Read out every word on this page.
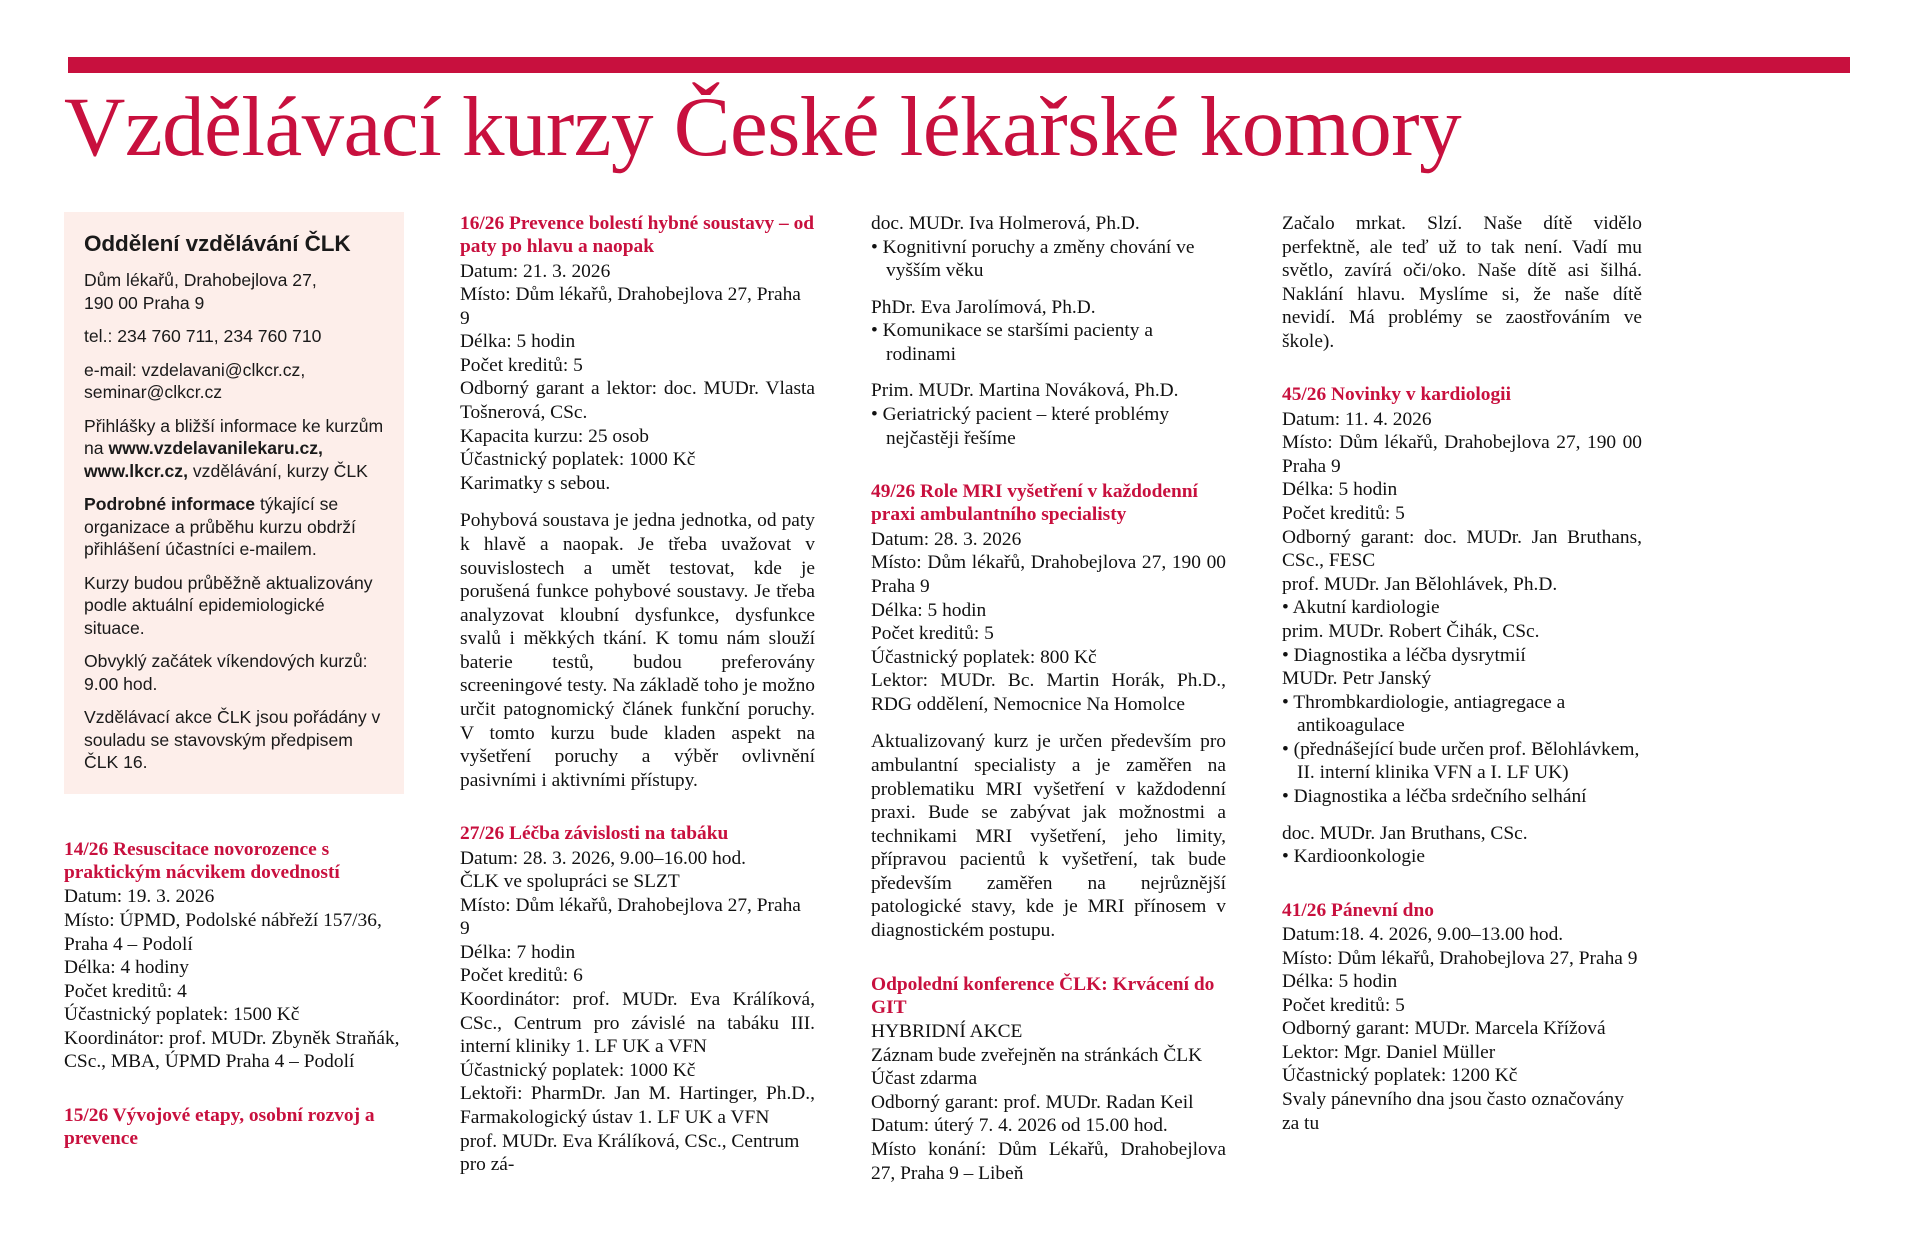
Vzdělávací kurzy České lékařské komory
Oddělení vzdělávání ČLK

Dům lékařů, Drahobejlova 27,
190 00 Praha 9

tel.: 234 760 711, 234 760 710

e-mail: vzdelavani@clkcr.cz,
seminar@clkcr.cz

Přihlášky a bližší informace ke kurzům na www.vzdelavanilekaru.cz, www.lkcr.cz, vzdělávání, kurzy ČLK

Podrobné informace týkající se organizace a průběhu kurzu obdrží přihlášení účastníci e-mailem.

Kurzy budou průběžně aktualizovány podle aktuální epidemiologické situace.

Obvyklý začátek víkendových kurzů: 9.00 hod.

Vzdělávací akce ČLK jsou pořádány v souladu se stavovským předpisem ČLK 16.

14/26 Resuscitace novorozence s praktickým nácvikem dovedností

Datum: 19. 3. 2026

Místo: ÚPMD, Podolské nábřeží 157/36, Praha 4 – Podolí

Délka: 4 hodiny

Počet kreditů: 4

Účastnický poplatek: 1500 Kč

Koordinátor: prof. MUDr. Zbyněk Straňák, CSc., MBA, ÚPMD Praha 4 – Podolí

15/26 Vývojové etapy, osobní rozvoj a prevence

16/26 Prevence bolestí hybné soustavy – od paty po hlavu a naopak

Datum: 21. 3. 2026

Místo: Dům lékařů, Drahobejlova 27, Praha 9

Délka: 5 hodin

Počet kreditů: 5

Odborný garant a lektor: doc. MUDr. Vlasta Tošnerová, CSc.

Kapacita kurzu: 25 osob

Účastnický poplatek: 1000 Kč

Karimatky s sebou.

Pohybová soustava je jedna jednotka, od paty k hlavě a naopak. Je třeba uvažovat v souvislostech a umět testovat, kde je porušená funkce pohybové soustavy. Je třeba analyzovat kloubní dysfunkce, dysfunkce svalů i měkkých tkání. K tomu nám slouží baterie testů, budou preferovány screeningové testy. Na základě toho je možno určit patognomický článek funkční poruchy. V tomto kurzu bude kladen aspekt na vyšetření poruchy a výběr ovlivnění pasivními i aktivními přístupy.

27/26 Léčba závislosti na tabáku

Datum: 28. 3. 2026, 9.00–16.00 hod.

ČLK ve spolupráci se SLZT

Místo: Dům lékařů, Drahobejlova 27, Praha 9

Délka: 7 hodin

Počet kreditů: 6

Koordinátor: prof. MUDr. Eva Králíková, CSc., Centrum pro závislé na tabáku III. interní kliniky 1. LF UK a VFN

Účastnický poplatek: 1000 Kč

Lektoři: PharmDr. Jan M. Hartinger, Ph.D., Farmakologický ústav 1. LF UK a VFN

prof. MUDr. Eva Králíková, CSc., Centrum pro zá-

doc. MUDr. Iva Holmerová, Ph.D.

• Kognitivní poruchy a změny chování ve vyšším věku

PhDr. Eva Jarolímová, Ph.D.

• Komunikace se staršími pacienty a rodinami

Prim. MUDr. Martina Nováková, Ph.D.

• Geriatrický pacient – které problémy nejčastěji řešíme

49/26 Role MRI vyšetření v každodenní praxi ambulantního specialisty

Datum: 28. 3. 2026

Místo: Dům lékařů, Drahobejlova 27, 190 00 Praha 9

Délka: 5 hodin

Počet kreditů: 5

Účastnický poplatek: 800 Kč

Lektor: MUDr. Bc. Martin Horák, Ph.D., RDG oddělení, Nemocnice Na Homolce

Aktualizovaný kurz je určen především pro ambulantní specialisty a je zaměřen na problematiku MRI vyšetření v každodenní praxi. Bude se zabývat jak možnostmi a technikami MRI vyšetření, jeho limity, přípravou pacientů k vyšetření, tak bude především zaměřen na nejrůznější patologické stavy, kde je MRI přínosem v diagnostickém postupu.

Odpolední konference ČLK: Krvácení do GIT

HYBRIDNÍ AKCE

Záznam bude zveřejněn na stránkách ČLK

Účast zdarma

Odborný garant: prof. MUDr. Radan Keil

Datum: úterý 7. 4. 2026 od 15.00 hod.

Místo konání: Dům Lékařů, Drahobejlova 27, Praha 9 – Libeň

Začalo mrkat. Slzí. Naše dítě vidělo perfektně, ale teď už to tak není. Vadí mu světlo, zavírá oči/oko. Naše dítě asi šilhá. Naklání hlavu. Myslíme si, že naše dítě nevidí. Má problémy se zaostřováním ve škole).

45/26 Novinky v kardiologii

Datum: 11. 4. 2026

Místo: Dům lékařů, Drahobejlova 27, 190 00 Praha 9

Délka: 5 hodin

Počet kreditů: 5

Odborný garant: doc. MUDr. Jan Bruthans, CSc., FESC

prof. MUDr. Jan Bělohlávek, Ph.D.

• Akutní kardiologie

prim. MUDr. Robert Čihák, CSc.

• Diagnostika a léčba dysrytmií

MUDr. Petr Janský

• Thrombkardiologie, antiagregace a antikoagulace

• (přednášející bude určen prof. Bělohlávkem, II. interní klinika VFN a I. LF UK)

• Diagnostika a léčba srdečního selhání

doc. MUDr. Jan Bruthans, CSc.

• Kardioonkologie

41/26 Pánevní dno

Datum:18. 4. 2026, 9.00–13.00 hod.

Místo: Dům lékařů, Drahobejlova 27, Praha 9

Délka: 5 hodin

Počet kreditů: 5

Odborný garant: MUDr. Marcela Křížová

Lektor: Mgr. Daniel Müller

Účastnický poplatek: 1200 Kč

Svaly pánevního dna jsou často označovány za tu
